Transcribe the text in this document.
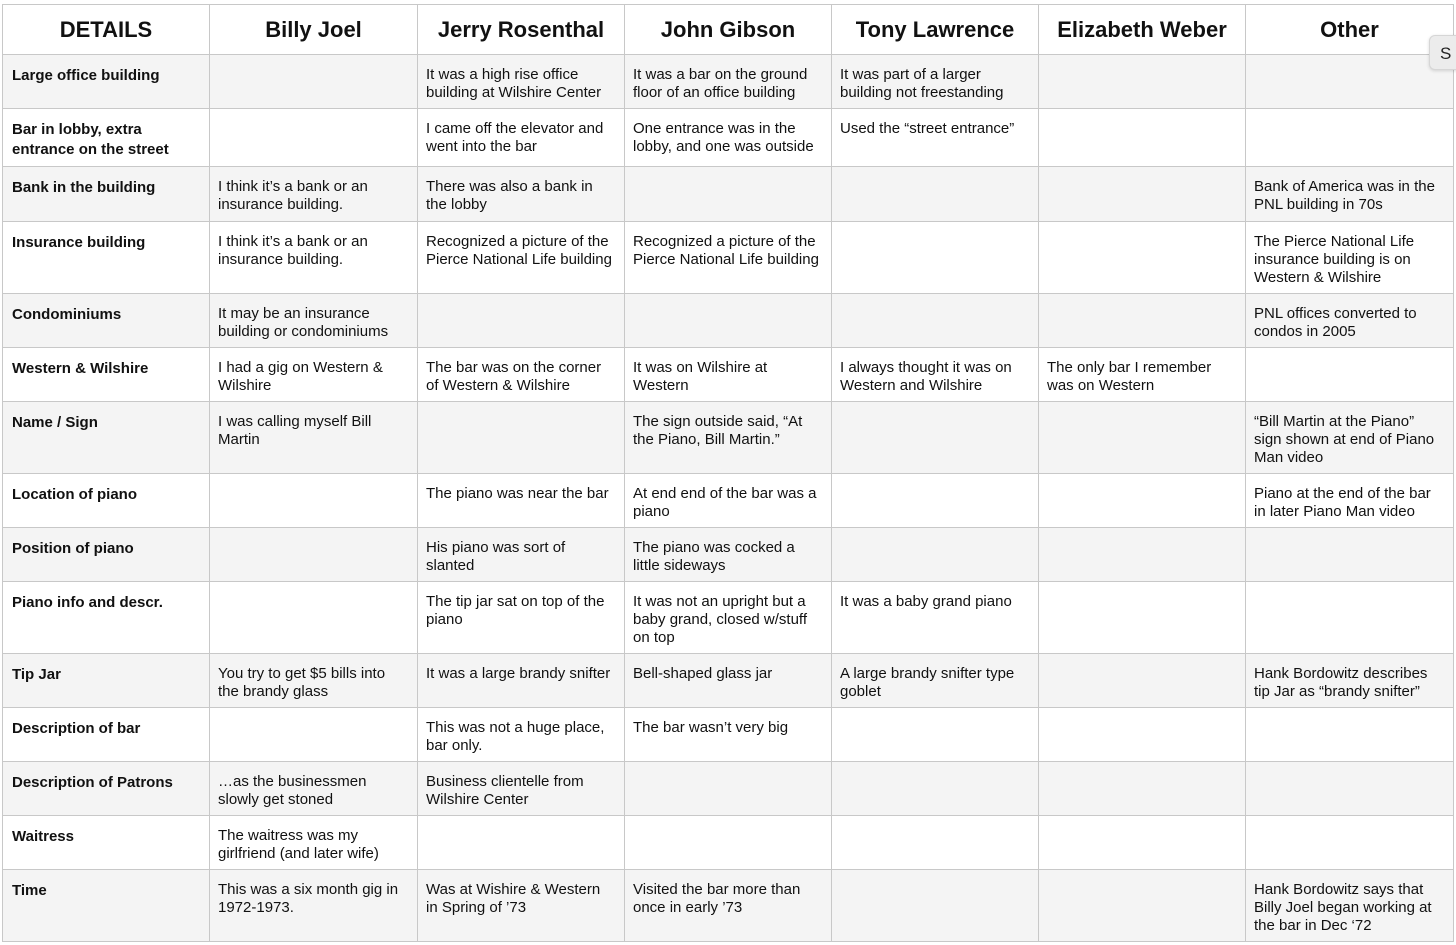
DETAILS	Billy Joel	Jerry Rosenthal	John Gibson	Tony Lawrence	Elizabeth Weber	Other
Large office building		It was a high rise office building at Wilshire Center	It was a bar on the ground floor of an office building	It was part of a larger building not freestanding		
Bar in lobby, extra entrance on the street		I came off the elevator and went into the bar	One entrance was in the lobby, and one was outside	Used the “street entrance”		
Bank in the building	I think it’s a bank or an insurance building.	There was also a bank in the lobby				Bank of America was in the PNL building in 70s
Insurance building	I think it’s a bank or an insurance building.	Recognized a picture of the Pierce National Life building	Recognized a picture of the Pierce National Life building			The Pierce National Life insurance building is on Western & Wilshire
Condominiums	It may be an insurance building or condominiums					PNL offices converted to condos in 2005
Western & Wilshire	I had a gig on Western & Wilshire	The bar was on the corner of Western & Wilshire	It was on Wilshire at Western	I always thought it was on Western and Wilshire	The only bar I remember was on Western	
Name / Sign	I was calling myself Bill Martin		The sign outside said, “At the Piano, Bill Martin.”			“Bill Martin at the Piano” sign shown at end of Piano Man video
Location of piano		The piano was near the bar	At end end of the bar was a piano			Piano at the end of the bar in later Piano Man video
Position of piano		His piano was sort of slanted	The piano was cocked a little sideways			
Piano info and descr.		The tip jar sat on top of the piano	It was not an upright but a baby grand, closed w/stuff on top	It was a baby grand piano		
Tip Jar	You try to get $5 bills into the brandy glass	It was a large brandy snifter	Bell-shaped glass jar	A large brandy snifter type goblet		Hank Bordowitz describes tip Jar as “brandy snifter”
Description of bar		This was not a huge place, bar only.	The bar wasn’t very big			
Description of Patrons	…as the businessmen slowly get stoned	Business clientelle from Wilshire Center				
Waitress	The waitress was my girlfriend (and later wife)					
Time	This was a six month gig in 1972-1973.	Was at Wishire & Western in Spring of ’73	Visited the bar more than once in early ’73			Hank Bordowitz says that Billy Joel began working at the bar in Dec ‘72
S
